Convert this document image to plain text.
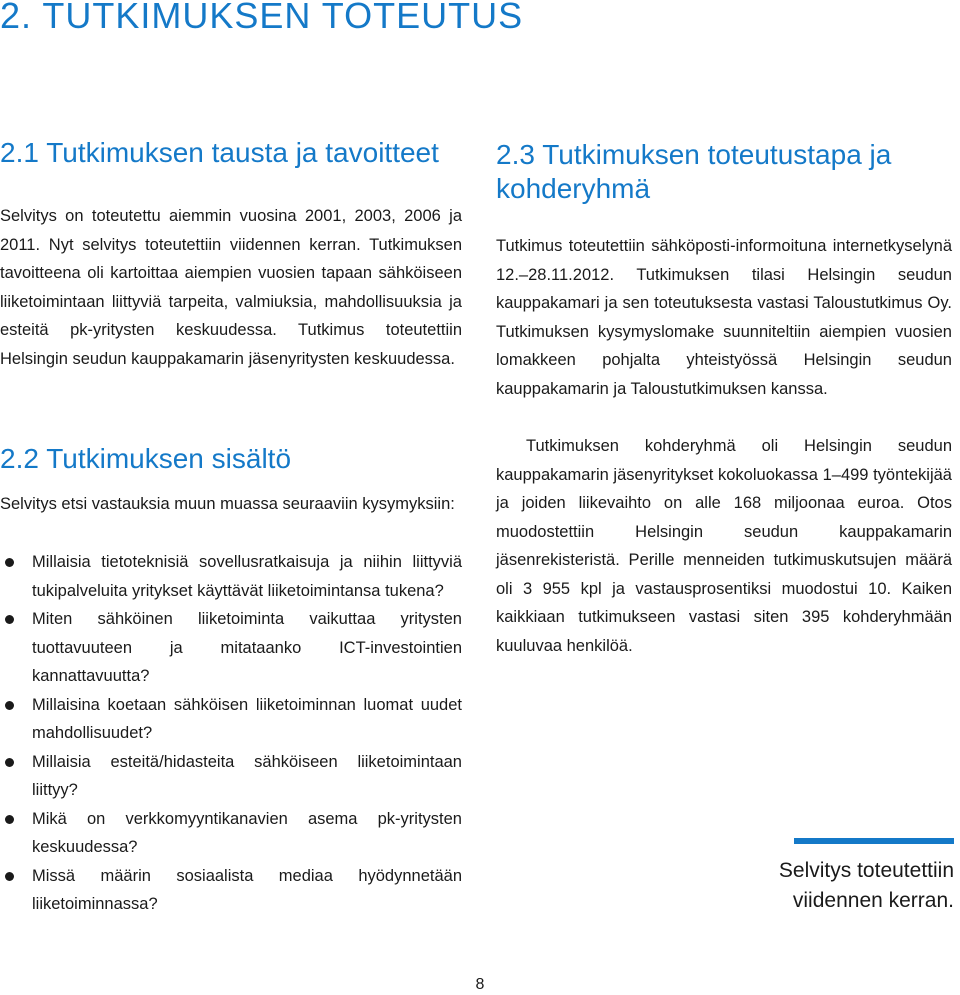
2. TUTKIMUKSEN TOTEUTUS
2.1 Tutkimuksen tausta ja tavoitteet

Selvitys on toteutettu aiemmin vuosina 2001, 2003, 2006 ja 2011. Nyt selvitys toteutettiin viidennen kerran. Tutkimuksen tavoitteena oli kartoittaa aiempien vuosien tapaan sähköiseen liiketoimintaan liittyviä tarpeita, valmiuksia, mahdollisuuksia ja esteitä pk-yritysten keskuudessa. Tutkimus toteutettiin Helsingin seudun kauppakamarin jäsenyritysten keskuudessa.

2.2 Tutkimuksen sisältö

Selvitys etsi vastauksia muun muassa seuraaviin kysymyksiin:

Millaisia tietoteknisiä sovellusratkaisuja ja niihin liittyviä tukipalveluita yritykset käyttävät liiketoimintansa tukena?
Miten sähköinen liiketoiminta vaikuttaa yritysten tuottavuuteen ja mitataanko ICT-investointien kannattavuutta?
Millaisina koetaan sähköisen liiketoiminnan luomat uudet mahdollisuudet?
Millaisia esteitä/hidasteita sähköiseen liiketoimintaan liittyy?
Mikä on verkkomyyntikanavien asema pk-yritysten keskuudessa?
Missä määrin sosiaalista mediaa hyödynnetään liiketoiminnassa?
2.3 Tutkimuksen toteutustapa ja kohderyhmä

Tutkimus toteutettiin sähköposti-informoituna internetkyselynä 12.–28.11.2012. Tutkimuksen tilasi Helsingin seudun kauppakamari ja sen toteutuksesta vastasi Taloustutkimus Oy. Tutkimuksen kysymyslomake suunniteltiin aiempien vuosien lomakkeen pohjalta yhteistyössä Helsingin seudun kauppakamarin ja Taloustutkimuksen kanssa.

Tutkimuksen kohderyhmä oli Helsingin seudun kauppakamarin jäsenyritykset kokoluokassa 1–499 työntekijää ja joiden liikevaihto on alle 168 miljoonaa euroa. Otos muodostettiin Helsingin seudun kauppakamarin jäsenrekisteristä. Perille menneiden tutkimuskutsujen määrä oli 3 955 kpl ja vastausprosentiksi muodostui 10. Kaiken kaikkiaan tutkimukseen vastasi siten 395 kohderyhmään kuuluvaa henkilöä.

Selvitys toteutettiin viidennen kerran.
8
